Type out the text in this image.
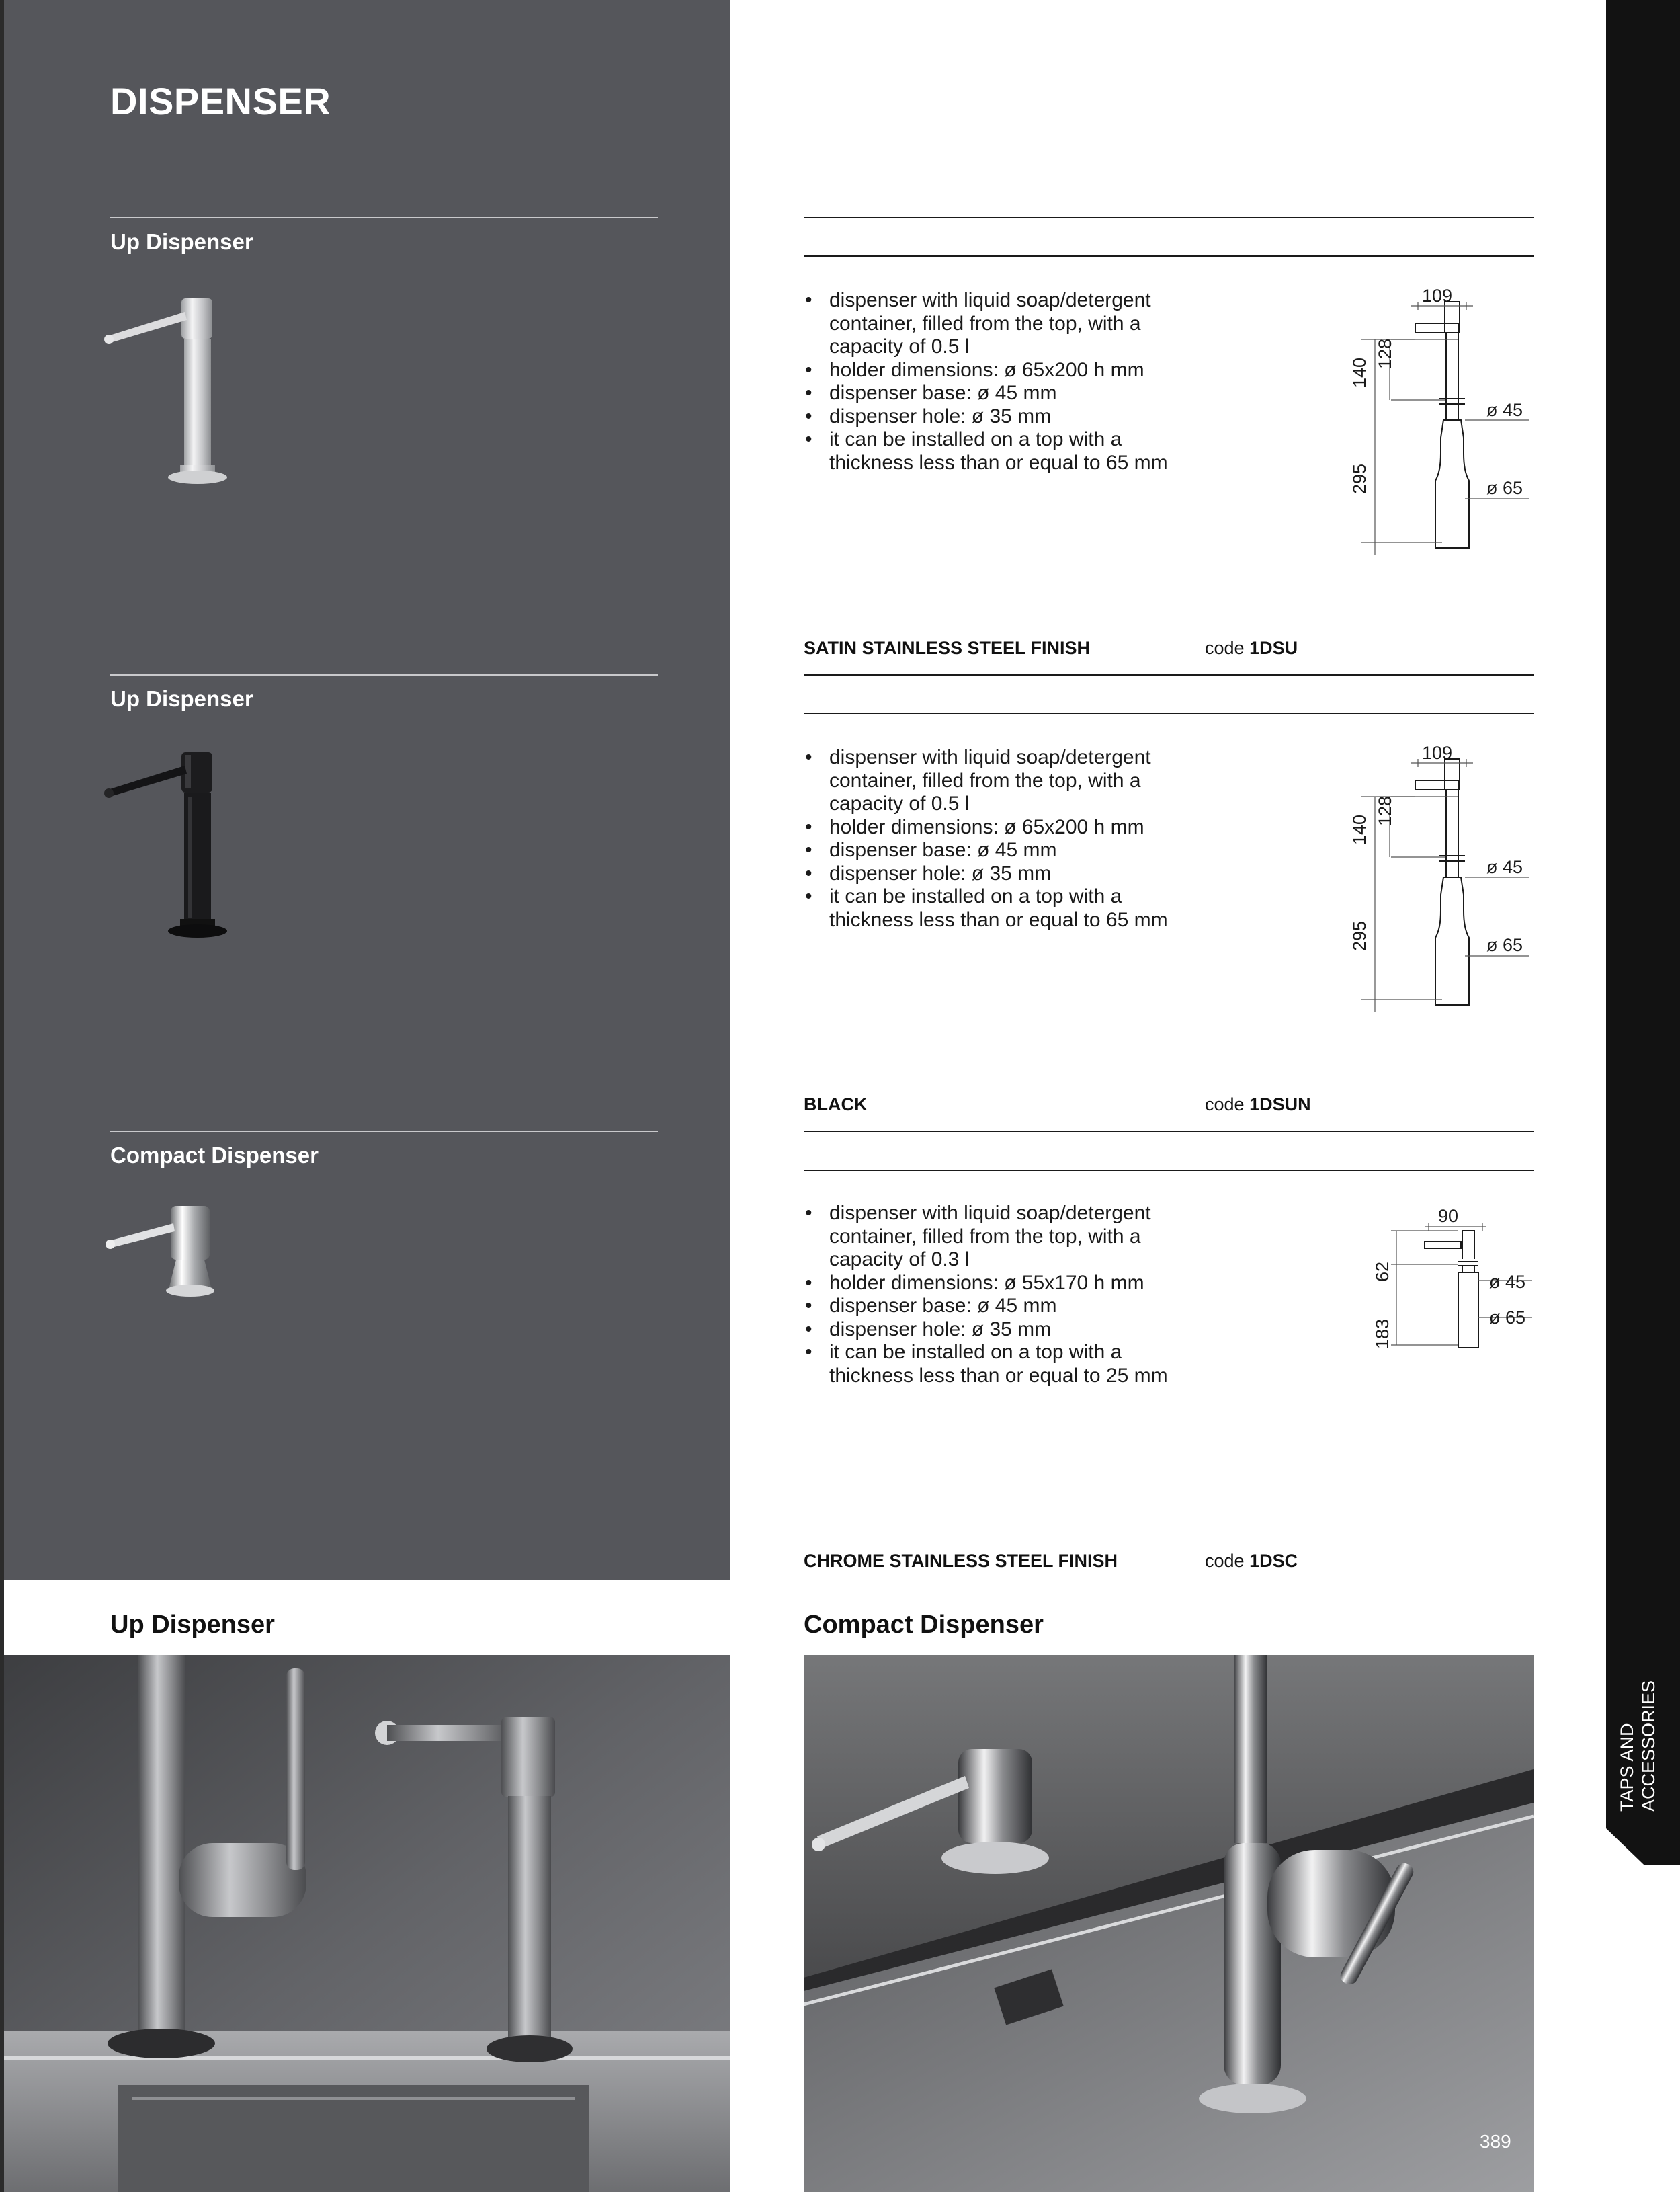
DISPENSER
TAPS AND ACCESSORIES
Up Dispenser
• dispenser with liquid soap/detergent container, filled from the top, with a capacity of 0.5 l
• holder dimensions: ø 65x200 h mm
• dispenser base: ø 45 mm
• dispenser hole: ø 35 mm
• it can be installed on a top with a thickness less than or equal to 65 mm
109
140
128
295
ø 45
ø 65
SATIN STAINLESS STEEL FINISH	code 1DSU
Up Dispenser
• dispenser with liquid soap/detergent container, filled from the top, with a capacity of 0.5 l
• holder dimensions: ø 65x200 h mm
• dispenser base: ø 45 mm
• dispenser hole: ø 35 mm
• it can be installed on a top with a thickness less than or equal to 65 mm
109
140
128
295
ø 45
ø 65
BLACK	code 1DSUN
Compact Dispenser
• dispenser with liquid soap/detergent container, filled from the top, with a capacity of 0.3 l
• holder dimensions: ø 55x170 h mm
• dispenser base: ø 45 mm
• dispenser hole: ø 35 mm
• it can be installed on a top with a thickness less than or equal to 25 mm
90
62
183
ø 45
ø 65
CHROME STAINLESS STEEL FINISH	code 1DSC
Up Dispenser	Compact Dispenser
389
